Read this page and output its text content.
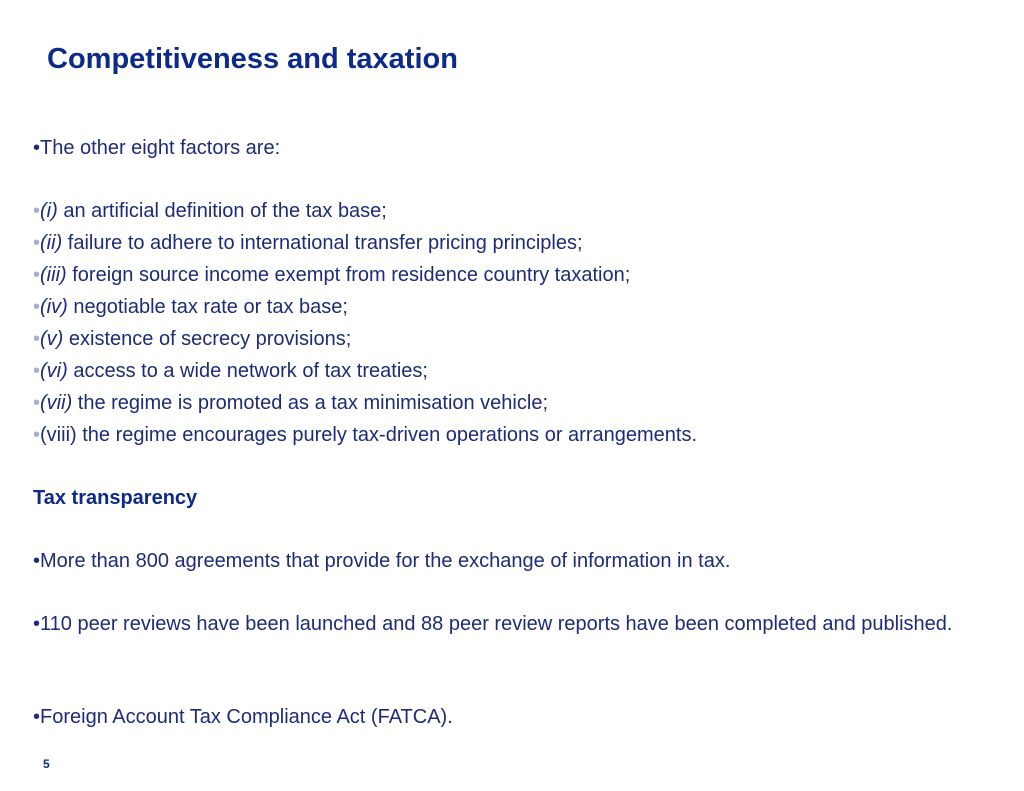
Competitiveness and taxation
•The other eight factors are:
•(i) an artificial definition of the tax base;
•(ii) failure to adhere to international transfer pricing principles;
•(iii) foreign source income exempt from residence country taxation;
•(iv) negotiable tax rate or tax base;
•(v) existence of secrecy provisions;
•(vi) access to a wide network of tax treaties;
•(vii) the regime is promoted as a tax minimisation vehicle;
•(viii) the regime encourages purely tax-driven operations or arrangements.
Tax transparency
•More than 800 agreements that provide for the exchange of information in tax.
•110 peer reviews have been launched and 88 peer review reports have been completed and published.
•Foreign Account Tax Compliance Act (FATCA).
5
